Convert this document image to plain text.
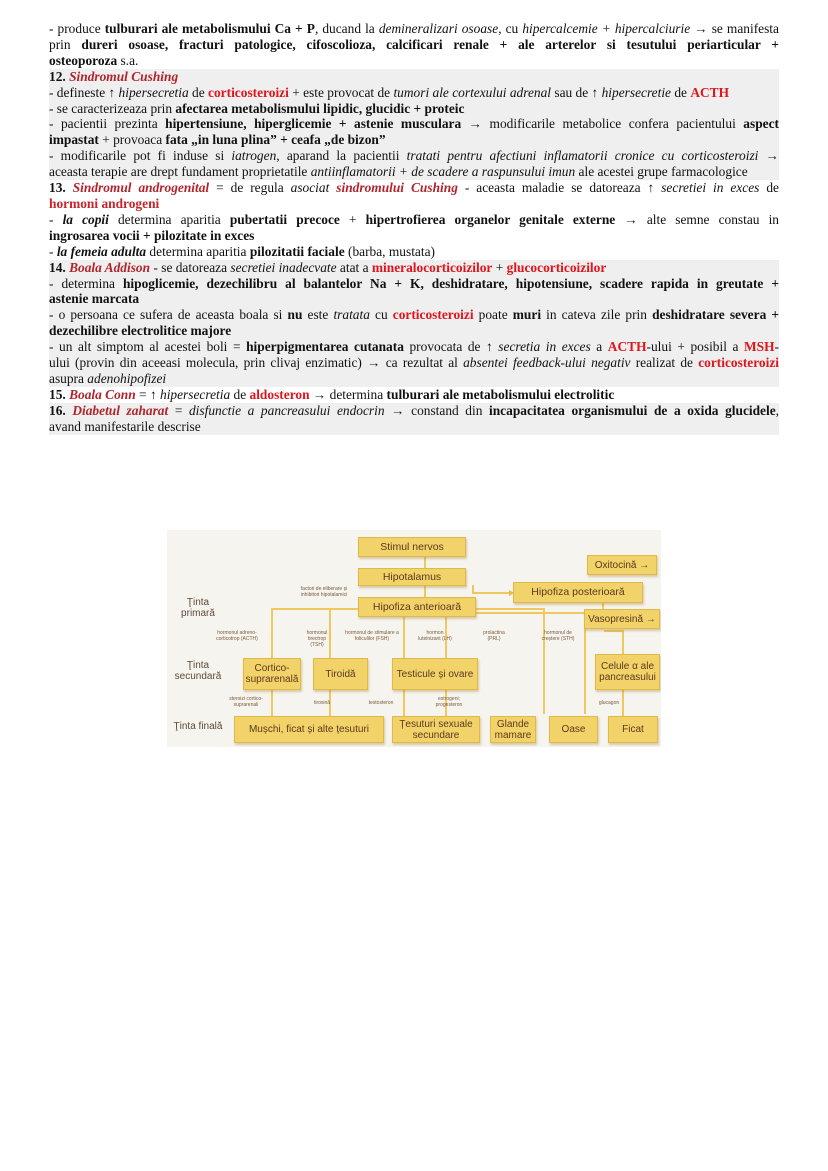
- produce tulburari ale metabolismului Ca + P, ducand la demineralizari osoase, cu hipercalcemie + hipercalciurie → se manifesta prin dureri osoase, fracturi patologice, cifoscolioza, calcificari renale + ale arterelor si tesutului periarticular +
osteoporoza s.a.
12. Sindromul Cushing
- defineste ↑ hipersecretia de corticosteroizi + este provocat de tumori ale cortexului adrenal sau de ↑ hipersecretie de ACTH
- se caracterizeaza prin afectarea metabolismului lipidic, glucidic + proteic
- pacientii prezinta hipertensiune, hiperglicemie + astenie musculara → modificarile metabolice confera pacientului aspect
impastat + provoaca fata „in luna plina” + ceafa „de bizon”
- modificarile pot fi induse si iatrogen, aparand la pacientii tratati pentru afectiuni inflamatorii cronice cu corticosteroizi →
aceasta terapie are drept fundament proprietatile antiinflamatorii + de scadere a raspunsului imun ale acestei grupe farmacologice
13. Sindromul androgenital = de regula asociat sindromului Cushing - aceasta maladie se datoreaza ↑ secretiei in exces de
hormoni androgeni
- la copii determina aparitia pubertatii precoce + hipertrofierea organelor genitale externe → alte semne constau in
ingrosarea vocii + pilozitate in exces
- la femeia adulta determina aparitia pilozitatii faciale (barba, mustata)
14. Boala Addison - se datoreaza secretiei inadecvate atat a mineralocorticoizilor + glucocorticoizilor
- determina hipoglicemie, dezechilibru al balantelor Na + K, deshidratare, hipotensiune, scadere rapida in greutate +
astenie marcata
- o persoana ce sufera de aceasta boala si nu este tratata cu corticosteroizi poate muri in cateva zile prin deshidratare severa +
dezechilibre electrolitice majore
- un alt simptom al acestei boli = hiperpigmentarea cutanata provocata de ↑ secretia in exces a ACTH-ului + posibil a MSH-
ului (provin din aceeasi molecula, prin clivaj enzimatic) → ca rezultat al absentei feedback-ului negativ realizat de corticosteroizi
asupra adenohipofizei
15. Boala Conn = ↑ hipersecretia de aldosteron → determina tulburari ale metabolismului electrolitic
16. Diabetul zaharat = disfunctie a pancreasului endocrin → constand din incapacitatea organismului de a oxida glucidele,
avand manifestarile descrise
Ţinta primară
Ţinta secundară
Ţinta finală
Stimul nervos
Hipotalamus
Hipofiza anterioară
Hipofiza posterioară
Oxitocină →
Vasopresină →
Cortico-suprarenală	Tiroidă	Testicule și ovare
Celule α ale pancreasului
Mușchi, ficat și alte țesuturi	Țesuturi sexuale secundare
Glande mamare	Oase	Ficat
factori de eliberare și inhibitori hipotalamici
hormonul adreno-corticotrop (ACTH)
hormonul tirectrop (TSH)
hormonul de stimulare a foliculilor (FSH)
hormon luteinizant (LH)
prolactina (PRL)
hormonul de creștere (STH)
steroizi cortico-suprarenali	tiroxină	testosteron
estrogeni; progesteron	glucagon
